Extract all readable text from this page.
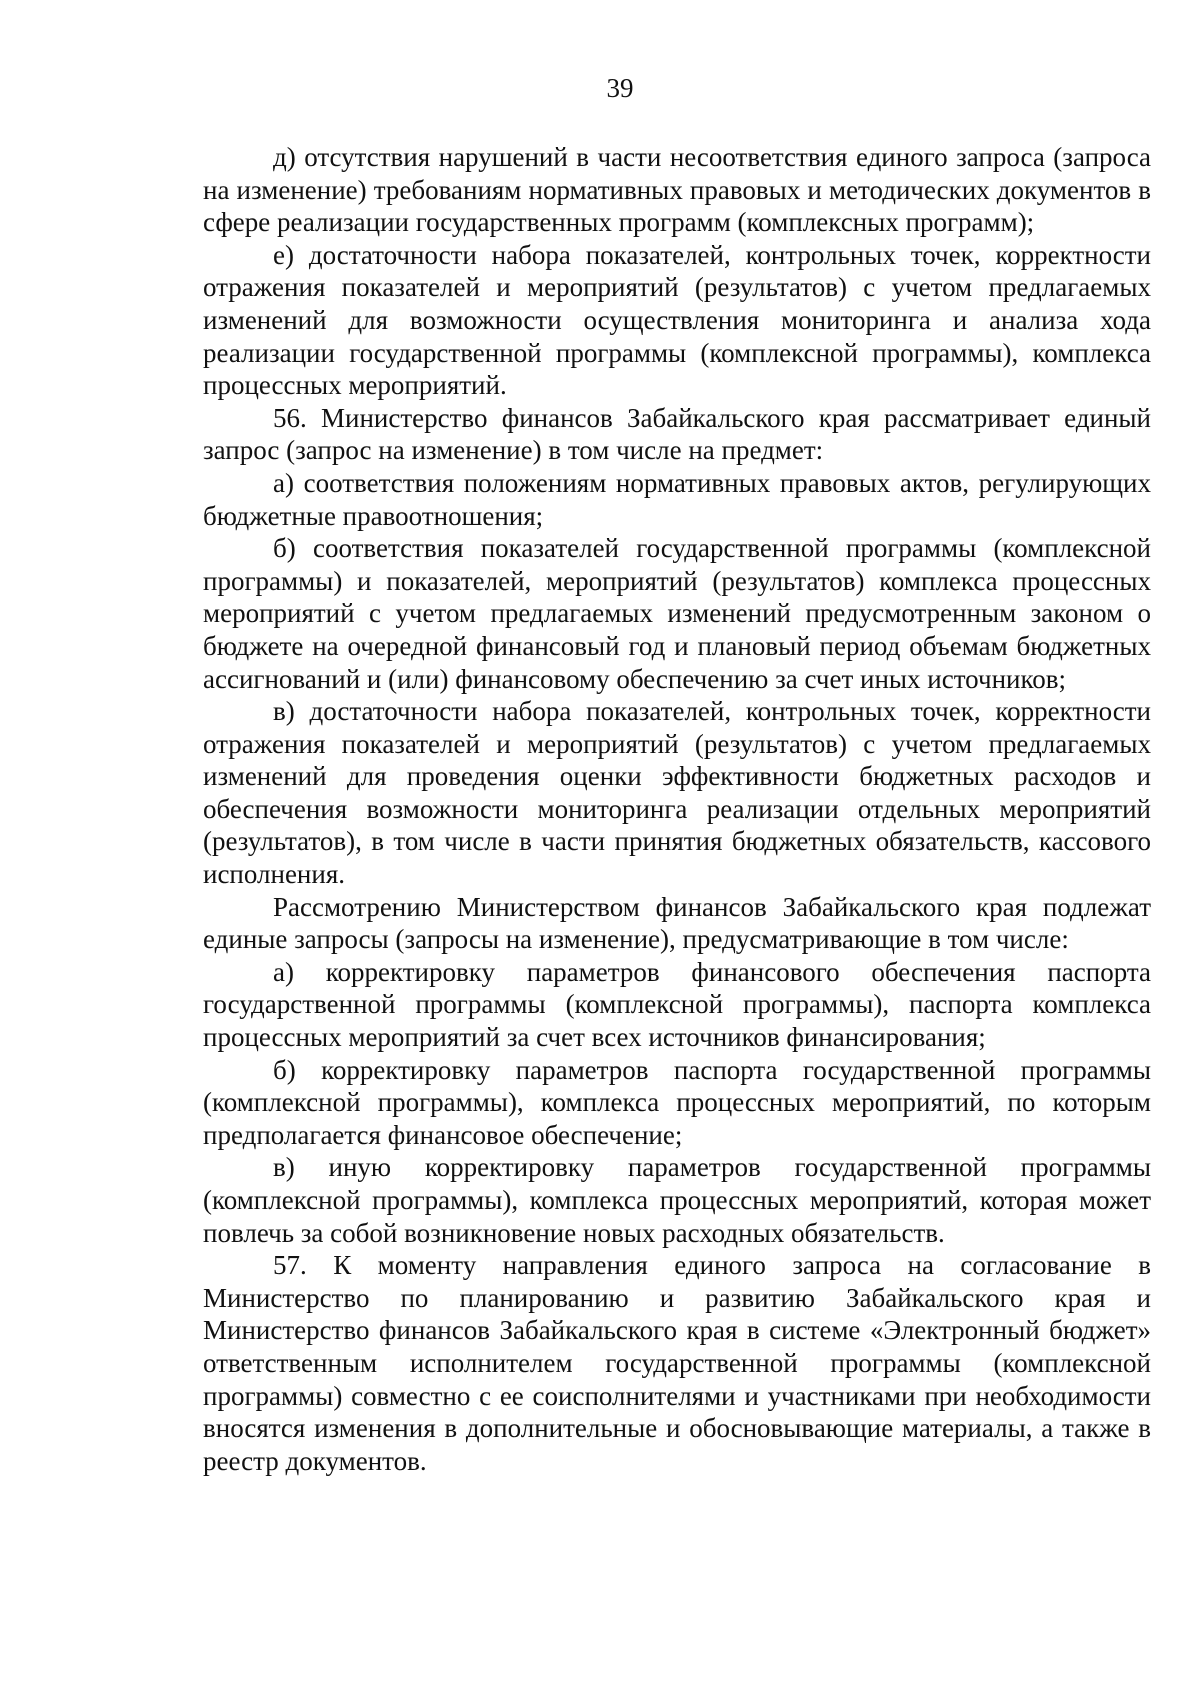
39

д) отсутствия нарушений в части несоответствия единого запроса (запроса на изменение) требованиям нормативных правовых и методических документов в сфере реализации государственных программ (комплексных программ);

е) достаточности набора показателей, контрольных точек, корректности отражения показателей и мероприятий (результатов) с учетом предлагаемых изменений для возможности осуществления мониторинга и анализа хода реализации государственной программы (комплексной программы), комплекса процессных мероприятий.

56. Министерство финансов Забайкальского края рассматривает единый запрос (запрос на изменение) в том числе на предмет:

а) соответствия положениям нормативных правовых актов, регулирующих бюджетные правоотношения;

б) соответствия показателей государственной программы (комплексной программы) и показателей, мероприятий (результатов) комплекса процессных мероприятий с учетом предлагаемых изменений предусмотренным законом о бюджете на очередной финансовый год и плановый период объемам бюджетных ассигнований и (или) финансовому обеспечению за счет иных источников;

в) достаточности набора показателей, контрольных точек, корректности отражения показателей и мероприятий (результатов) с учетом предлагаемых изменений для проведения оценки эффективности бюджетных расходов и обеспечения возможности мониторинга реализации отдельных мероприятий (результатов), в том числе в части принятия бюджетных обязательств, кассового исполнения.

Рассмотрению Министерством финансов Забайкальского края подлежат единые запросы (запросы на изменение), предусматривающие в том числе:

а) корректировку параметров финансового обеспечения паспорта государственной программы (комплексной программы), паспорта комплекса процессных мероприятий за счет всех источников финансирования;

б) корректировку параметров паспорта государственной программы (комплексной программы), комплекса процессных мероприятий, по которым предполагается финансовое обеспечение;

в) иную корректировку параметров государственной программы (комплексной программы), комплекса процессных мероприятий, которая может повлечь за собой возникновение новых расходных обязательств.

57. К моменту направления единого запроса на согласование в Министерство по планированию и развитию Забайкальского края и Министерство финансов Забайкальского края в системе «Электронный бюджет» ответственным исполнителем государственной программы (комплексной программы) совместно с ее соисполнителями и участниками при необходимости вносятся изменения в дополнительные и обосновывающие материалы, а также в реестр документов.
